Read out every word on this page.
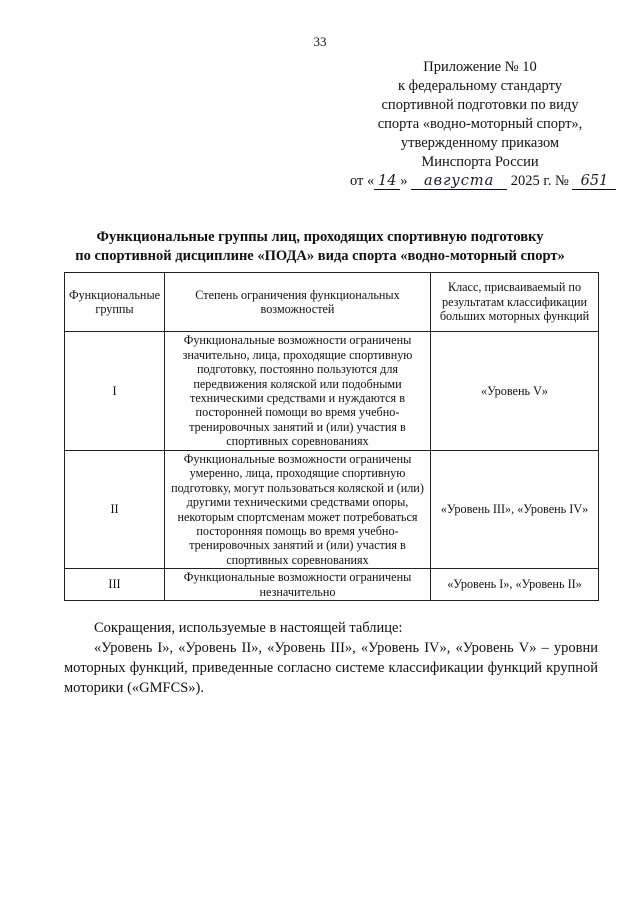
33
Приложение № 10
к федеральному стандарту
спортивной подготовки по виду
спорта «водно-моторный спорт»,
утвержденному приказом
Минспорта России
от « 14 » августа 2025 г. № 651
Функциональные группы лиц, проходящих спортивную подготовку
по спортивной дисциплине «ПОДА» вида спорта «водно-моторный спорт»
Функциональные группы	Степень ограничения функциональных возможностей	Класс, присваиваемый по результатам классификации больших моторных функций
I	Функциональные возможности ограничены значительно, лица, проходящие спортивную подготовку, постоянно пользуются для передвижения коляской или подобными техническими средствами и нуждаются в посторонней помощи во время учебно-тренировочных занятий и (или) участия в спортивных соревнованиях	«Уровень V»
II	Функциональные возможности ограничены умеренно, лица, проходящие спортивную подготовку, могут пользоваться коляской и (или) другими техническими средствами опоры, некоторым спортсменам может потребоваться посторонняя помощь во время учебно-тренировочных занятий и (или) участия в спортивных соревнованиях	«Уровень III», «Уровень IV»
III	Функциональные возможности ограничены незначительно	«Уровень I», «Уровень II»

Сокращения, используемые в настоящей таблице:

«Уровень I», «Уровень II», «Уровень III», «Уровень IV», «Уровень V» – уровни моторных функций, приведенные согласно системе классификации функций крупной моторики («GMFCS»).
